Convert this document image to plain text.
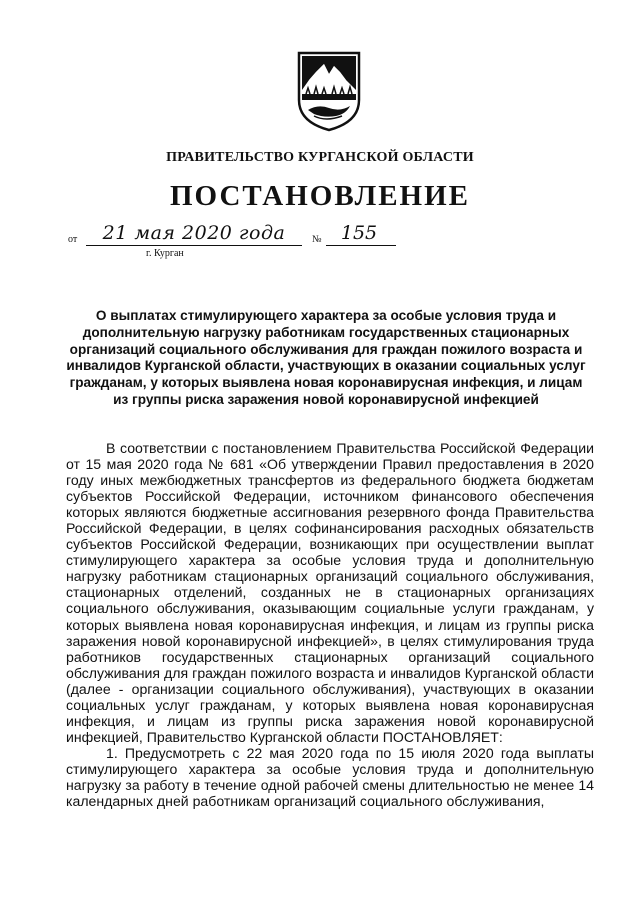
ПРАВИТЕЛЬСТВО КУРГАНСКОЙ ОБЛАСТИ
ПОСТАНОВЛЕНИЕ
от	21 мая 2020 года	№	155
г. Курган
О выплатах стимулирующего характера за особые условия труда и дополнительную нагрузку работникам государственных стационарных организаций социального обслуживания для граждан пожилого возраста и инвалидов Курганской области, участвующих в оказании социальных услуг гражданам, у которых выявлена новая коронавирусная инфекция, и лицам из группы риска заражения новой коронавирусной инфекцией

В соответствии с постановлением Правительства Российской Федерации от 15 мая 2020 года № 681 «Об утверждении Правил предоставления в 2020 году иных межбюджетных трансфертов из федерального бюджета бюджетам субъектов Российской Федерации, источником финансового обеспечения которых являются бюджетные ассигнования резервного фонда Правительства Российской Федерации, в целях софинансирования расходных обязательств субъектов Российской Федерации, возникающих при осуществлении выплат стимулирующего характера за особые условия труда и дополнительную нагрузку работникам стационарных организаций социального обслуживания, стационарных отделений, созданных не в стационарных организациях социального обслуживания, оказывающим социальные услуги гражданам, у которых выявлена новая коронавирусная инфекция, и лицам из группы риска заражения новой коронавирусной инфекцией», в целях стимулирования труда работников государственных стационарных организаций социального обслуживания для граждан пожилого возраста и инвалидов Курганской области (далее - организации социального обслуживания), участвующих в оказании социальных услуг гражданам, у которых выявлена новая коронавирусная инфекция, и лицам из группы риска заражения новой коронавирусной инфекцией, Правительство Курганской области ПОСТАНОВЛЯЕТ:

1. Предусмотреть с 22 мая 2020 года по 15 июля 2020 года выплаты стимулирующего характера за особые условия труда и дополнительную нагрузку за работу в течение одной рабочей смены длительностью не менее 14 календарных дней работникам организаций социального обслуживания,
